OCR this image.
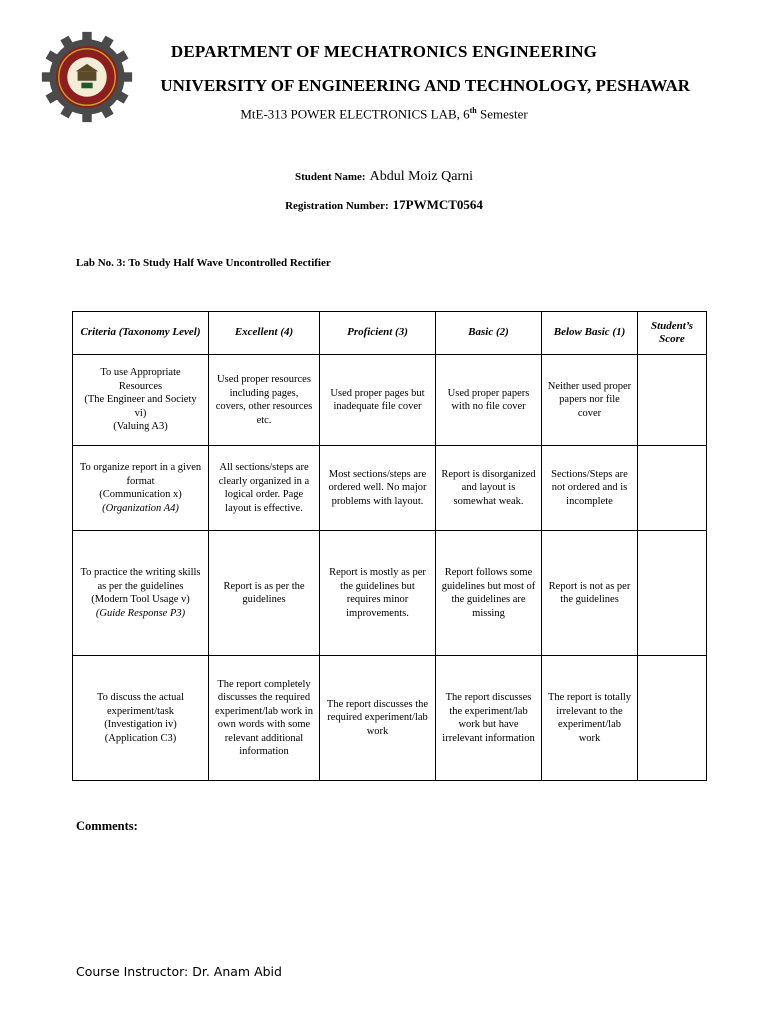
DEPARTMENT OF MECHATRONICS ENGINEERING
UNIVERSITY OF ENGINEERING AND TECHNOLOGY, PESHAWAR
MtE-313 POWER ELECTRONICS LAB, 6th Semester
Student Name: Abdul Moiz Qarni
Registration Number: 17PWMCT0564
Lab No. 3: To Study Half Wave Uncontrolled Rectifier
Criteria (Taxonomy Level)	Excellent (4)	Proficient (3)	Basic (2)	Below Basic (1)	Student’s Score

To use Appropriate Resources
(The Engineer and Society vi)
(Valuing A3)	Used proper resources including pages, covers, other resources etc.	Used proper pages but inadequate file cover	Used proper papers with no file cover	Neither used proper papers nor file cover	

To organize report in a given format
(Communication x)
(Organization A4)	All sections/steps are clearly organized in a logical order. Page layout is effective.	Most sections/steps are ordered well. No major problems with layout.	Report is disorganized and layout is somewhat weak.	Sections/Steps are not ordered and is incomplete	

To practice the writing skills as per the guidelines
(Modern Tool Usage v)
(Guide Response P3)	Report is as per the guidelines	Report is mostly as per the guidelines but requires minor improvements.	Report follows some guidelines but most of the guidelines are missing	Report is not as per the guidelines	

To discuss the actual experiment/task
(Investigation iv)
(Application C3)	The report completely discusses the required experiment/lab work in own words with some relevant additional information	The report discusses the required experiment/lab work	The report discusses the experiment/lab work but have irrelevant information	The report is totally irrelevant to the experiment/lab work	
Comments:
Course Instructor: Dr. Anam Abid
